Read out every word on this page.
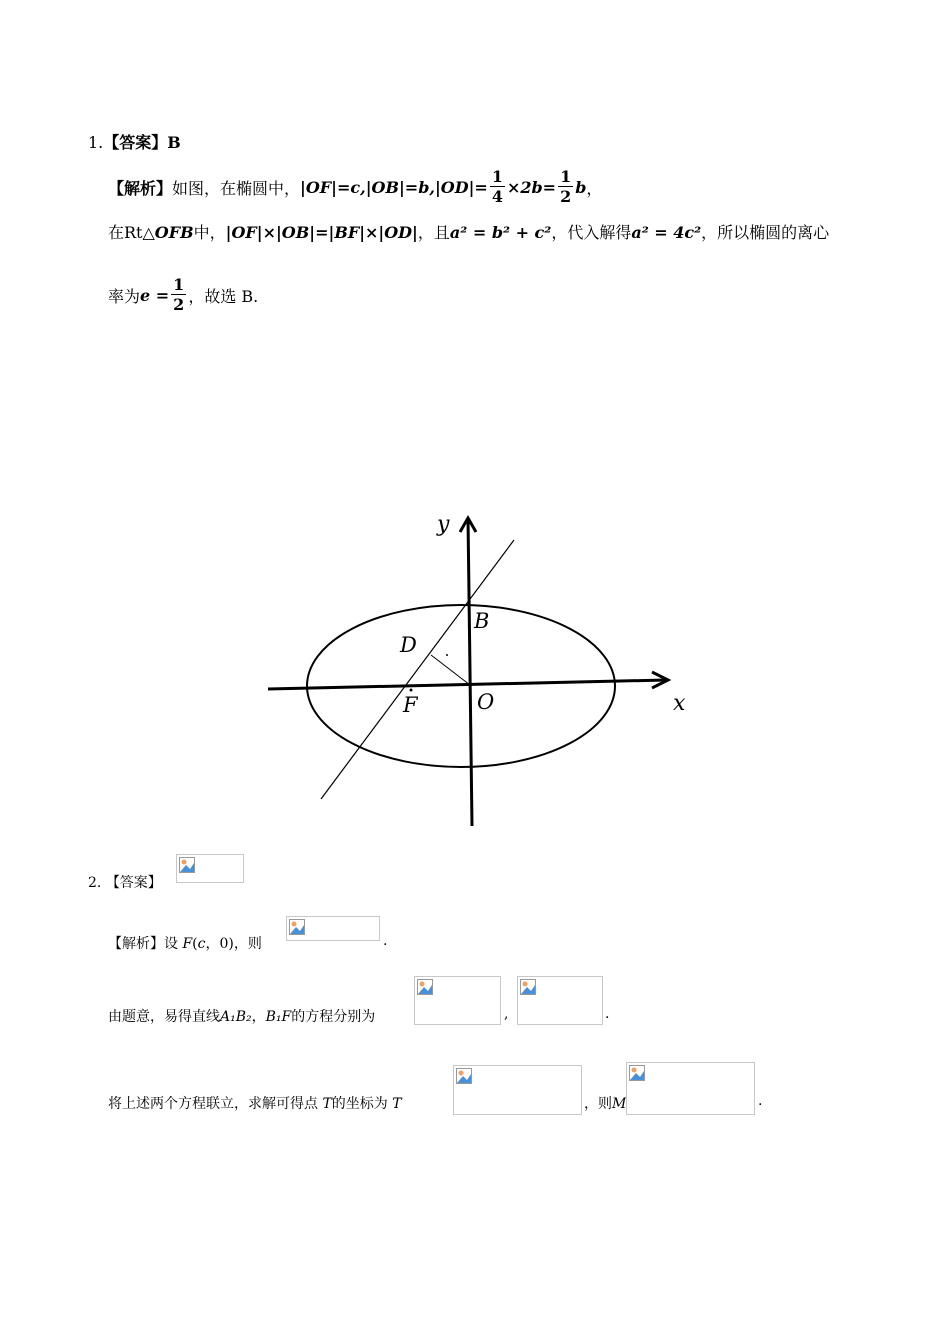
1.【答案】B
【解析】 如图，在椭圆中， $|OF|=c,|OB|=b,|OD|= \frac{1}{4} \times 2b= \frac{1}{2}$ b ，
在Rt△OFB中，|OF|×|OB|=|BF|×|OD|，且a² = b² + c²，代入解得a² = 4c²，所以椭圆的离心
率为 $e = \frac{1}{2}$ ，故选 B.
y
x
B
D
F	O
2. 【答案】
【解析】设 F(c，0)，则	.
由题意，易得直线A₁B₂，B₁F的方程分别为	,	.
将上述两个方程联立，求解可得点 T的坐标为 T	，则M	.
